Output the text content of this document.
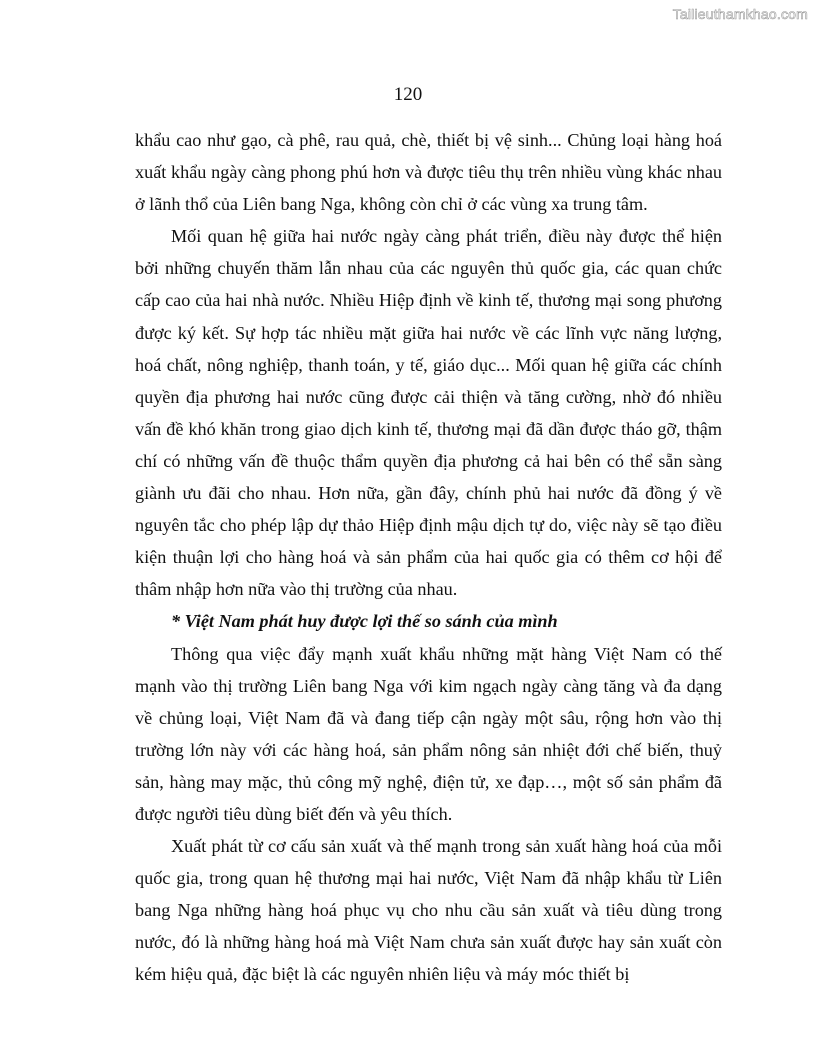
Tailieuthamkhao.com
120

khẩu cao như gạo, cà phê, rau quả, chè, thiết bị vệ sinh... Chủng loại hàng hoá xuất khẩu ngày càng phong phú hơn và được tiêu thụ trên nhiều vùng khác nhau ở lãnh thổ của Liên bang Nga, không còn chỉ ở các vùng xa trung tâm.

Mối quan hệ giữa hai nước ngày càng phát triển, điều này được thể hiện bởi những chuyến thăm lẫn nhau của các nguyên thủ quốc gia, các quan chức cấp cao của hai nhà nước. Nhiều Hiệp định về kinh tế, thương mại song phương được ký kết. Sự hợp tác nhiều mặt giữa hai nước về các lĩnh vực năng lượng, hoá chất, nông nghiệp, thanh toán, y tế, giáo dục... Mối quan hệ giữa các chính quyền địa phương hai nước cũng được cải thiện và tăng cường, nhờ đó nhiều vấn đề khó khăn trong giao dịch kinh tế, thương mại đã dần được tháo gỡ, thậm chí có những vấn đề thuộc thẩm quyền địa phương cả hai bên có thể sẵn sàng giành ưu đãi cho nhau. Hơn nữa, gần đây, chính phủ hai nước đã đồng ý về nguyên tắc cho phép lập dự thảo Hiệp định mậu dịch tự do, việc này sẽ tạo điều kiện thuận lợi cho hàng hoá và sản phẩm của hai quốc gia có thêm cơ hội để thâm nhập hơn nữa vào thị trường của nhau.

* Việt Nam phát huy được lợi thế so sánh của mình

Thông qua việc đẩy mạnh xuất khẩu những mặt hàng Việt Nam có thế mạnh vào thị trường Liên bang Nga với kim ngạch ngày càng tăng và đa dạng về chủng loại, Việt Nam đã và đang tiếp cận ngày một sâu, rộng hơn vào thị trường lớn này với các hàng hoá, sản phẩm nông sản nhiệt đới chế biến, thuỷ sản, hàng may mặc, thủ công mỹ nghệ, điện tử, xe đạp…, một số sản phẩm đã được người tiêu dùng biết đến và yêu thích.

Xuất phát từ cơ cấu sản xuất và thế mạnh trong sản xuất hàng hoá của mỗi quốc gia, trong quan hệ thương mại hai nước, Việt Nam đã nhập khẩu từ Liên bang Nga những hàng hoá phục vụ cho nhu cầu sản xuất và tiêu dùng trong nước, đó là những hàng hoá mà Việt Nam chưa sản xuất được hay sản xuất còn kém hiệu quả, đặc biệt là các nguyên nhiên liệu và máy móc thiết bị
